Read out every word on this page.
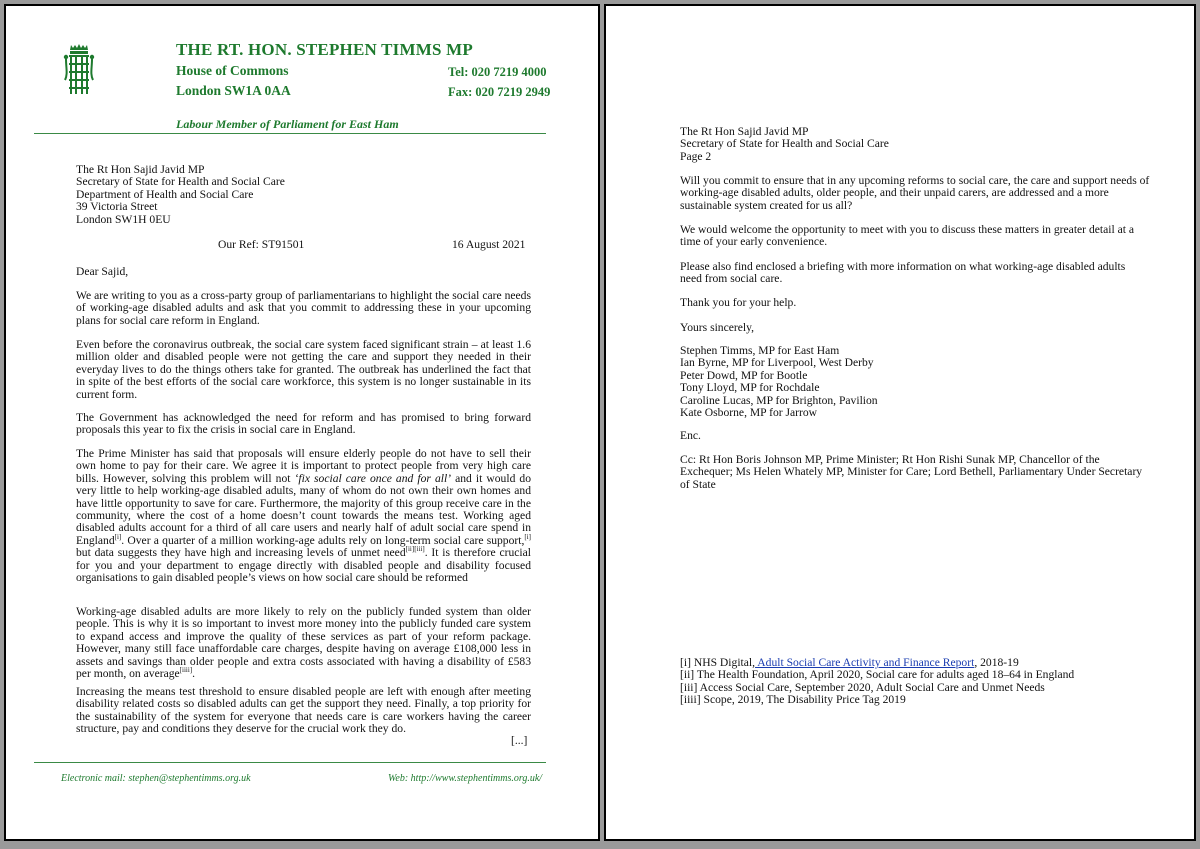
THE RT. HON. STEPHEN TIMMS MP
House of Commons
London SW1A 0AA
Tel: 020 7219 4000
Fax: 020 7219 2949
Labour Member of Parliament for East Ham
The Rt Hon Sajid Javid MP
Secretary of State for Health and Social Care
Department of Health and Social Care
39 Victoria Street
London SW1H 0EU
Our Ref: ST91501	16 August 2021
Dear Sajid,
We are writing to you as a cross-party group of parliamentarians to highlight the social care needs of working-age disabled adults and ask that you commit to addressing these in your upcoming plans for social care reform in England.
Even before the coronavirus outbreak, the social care system faced significant strain – at least 1.6 million older and disabled people were not getting the care and support they needed in their everyday lives to do the things others take for granted. The outbreak has underlined the fact that in spite of the best efforts of the social care workforce, this system is no longer sustainable in its current form.
The Government has acknowledged the need for reform and has promised to bring forward proposals this year to fix the crisis in social care in England.
The Prime Minister has said that proposals will ensure elderly people do not have to sell their own home to pay for their care. We agree it is important to protect people from very high care bills. However, solving this problem will not ‘fix social care once and for all’ and it would do very little to help working-age disabled adults, many of whom do not own their own homes and have little opportunity to save for care. Furthermore, the majority of this group receive care in the community, where the cost of a home doesn’t count towards the means test. Working aged disabled adults account for a third of all care users and nearly half of adult social care spend in England[i]. Over a quarter of a million working-age adults rely on long-term social care support,[i] but data suggests they have high and increasing levels of unmet need[ii][iii]. It is therefore crucial for you and your department to engage directly with disabled people and disability focused organisations to gain disabled people’s views on how social care should be reformed
Working-age disabled adults are more likely to rely on the publicly funded system than older people. This is why it is so important to invest more money into the publicly funded care system to expand access and improve the quality of these services as part of your reform package. However, many still face unaffordable care charges, despite having on average £108,000 less in assets and savings than older people and extra costs associated with having a disability of £583 per month, on average[iiii].
Increasing the means test threshold to ensure disabled people are left with enough after meeting disability related costs so disabled adults can get the support they need. Finally, a top priority for the sustainability of the system for everyone that needs care is care workers having the career structure, pay and conditions they deserve for the crucial work they do.
[...]
Electronic mail: stephen@stephentimms.org.uk	Web: http://www.stephentimms.org.uk/
The Rt Hon Sajid Javid MP
Secretary of State for Health and Social Care
Page 2
Will you commit to ensure that in any upcoming reforms to social care, the care and support needs of working-age disabled adults, older people, and their unpaid carers, are addressed and a more sustainable system created for us all?
We would welcome the opportunity to meet with you to discuss these matters in greater detail at a time of your early convenience.
Please also find enclosed a briefing with more information on what working-age disabled adults need from social care.
Thank you for your help.
Yours sincerely,
Stephen Timms, MP for East Ham
Ian Byrne, MP for Liverpool, West Derby
Peter Dowd, MP for Bootle
Tony Lloyd, MP for Rochdale
Caroline Lucas, MP for Brighton, Pavilion
Kate Osborne, MP for Jarrow
Enc.
Cc: Rt Hon Boris Johnson MP, Prime Minister; Rt Hon Rishi Sunak MP, Chancellor of the Exchequer; Ms Helen Whately MP, Minister for Care; Lord Bethell, Parliamentary Under Secretary of State
[i] NHS Digital, Adult Social Care Activity and Finance Report, 2018-19
[ii] The Health Foundation, April 2020, Social care for adults aged 18–64 in England
[iii] Access Social Care, September 2020, Adult Social Care and Unmet Needs
[iiii] Scope, 2019, The Disability Price Tag 2019
